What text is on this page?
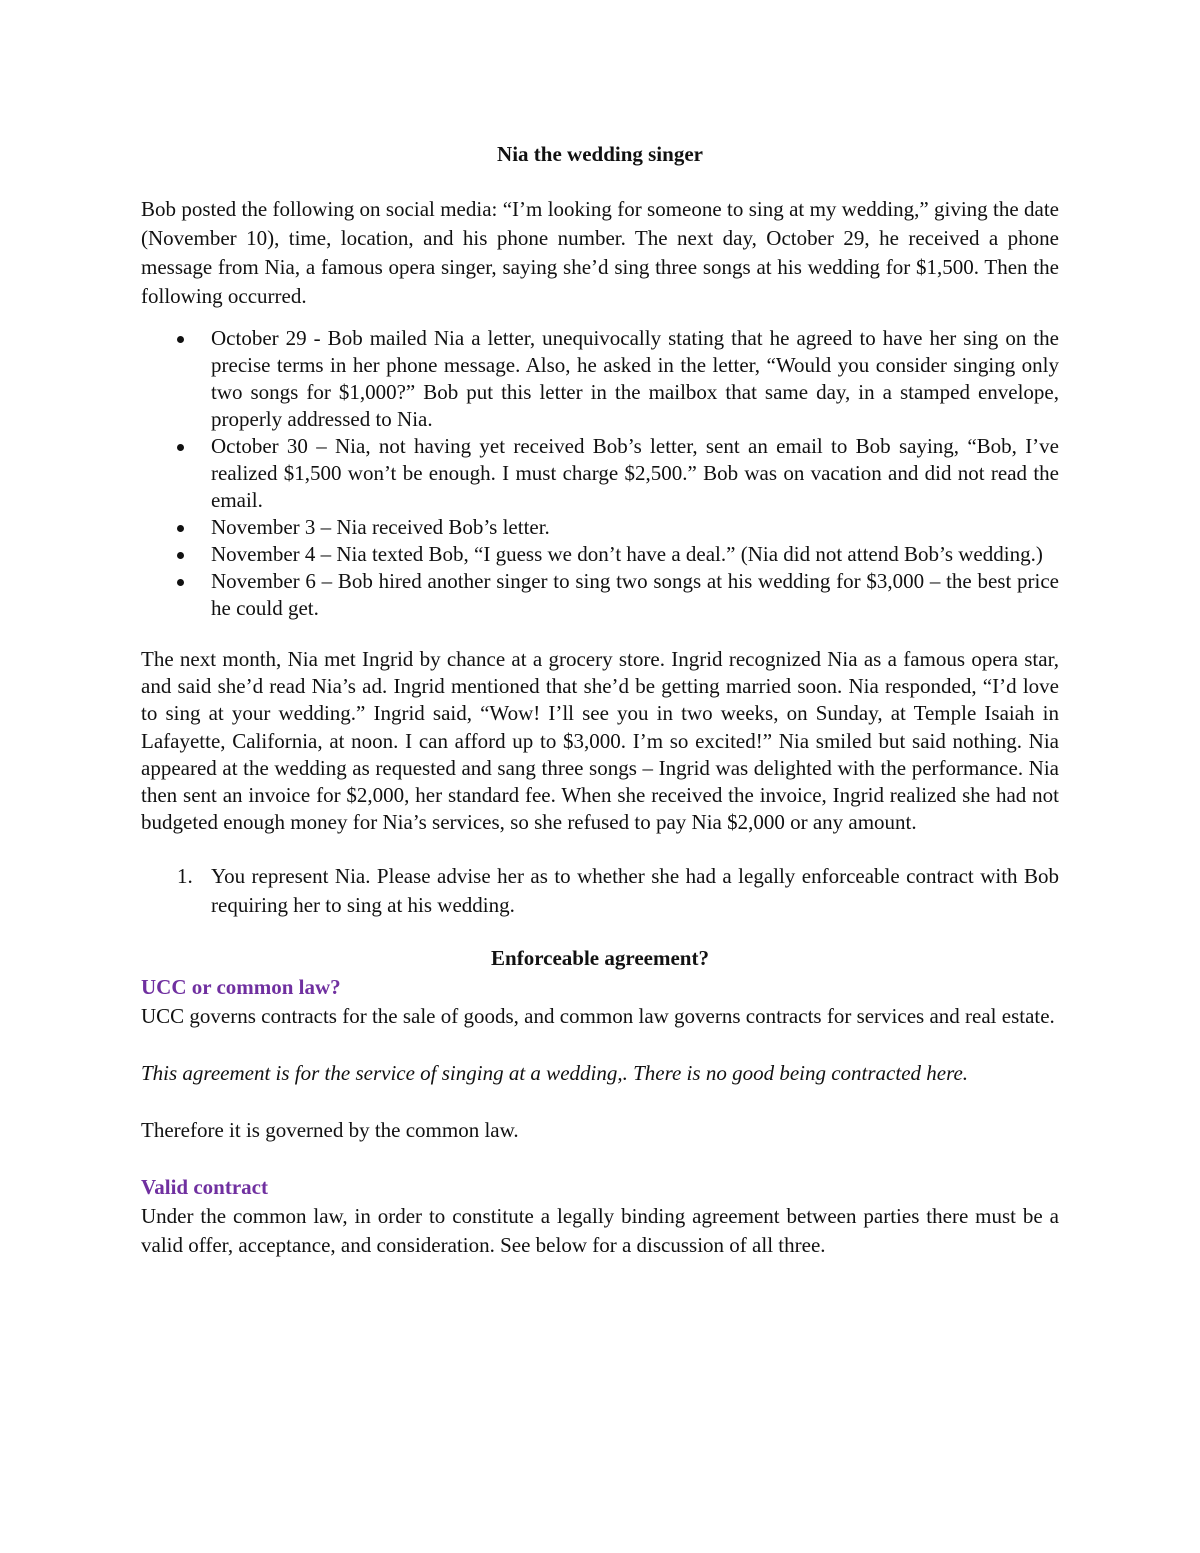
Nia the wedding singer

Bob posted the following on social media: “I’m looking for someone to sing at my wedding,” giving the date (November 10), time, location, and his phone number. The next day, October 29, he received a phone message from Nia, a famous opera singer, saying she’d sing three songs at his wedding for $1,500. Then the following occurred.

October 29 - Bob mailed Nia a letter, unequivocally stating that he agreed to have her sing on the precise terms in her phone message. Also, he asked in the letter, “Would you consider singing only two songs for $1,000?” Bob put this letter in the mailbox that same day, in a stamped envelope, properly addressed to Nia.
October 30 – Nia, not having yet received Bob’s letter, sent an email to Bob saying, “Bob, I’ve realized $1,500 won’t be enough. I must charge $2,500.” Bob was on vacation and did not read the email.
November 3 – Nia received Bob’s letter.
November 4 – Nia texted Bob, “I guess we don’t have a deal.” (Nia did not attend Bob’s wedding.)
November 6 – Bob hired another singer to sing two songs at his wedding for $3,000 – the best price he could get.

The next month, Nia met Ingrid by chance at a grocery store. Ingrid recognized Nia as a famous opera star, and said she’d read Nia’s ad. Ingrid mentioned that she’d be getting married soon. Nia responded, “I’d love to sing at your wedding.” Ingrid said, “Wow! I’ll see you in two weeks, on Sunday, at Temple Isaiah in Lafayette, California, at noon. I can afford up to $3,000. I’m so excited!” Nia smiled but said nothing. Nia appeared at the wedding as requested and sang three songs – Ingrid was delighted with the performance. Nia then sent an invoice for $2,000, her standard fee. When she received the invoice, Ingrid realized she had not budgeted enough money for Nia’s services, so she refused to pay Nia $2,000 or any amount.

1. You represent Nia. Please advise her as to whether she had a legally enforceable contract with Bob requiring her to sing at his wedding.
Enforceable agreement?
UCC or common law?

UCC governs contracts for the sale of goods, and common law governs contracts for services and real estate.

This agreement is for the service of singing at a wedding,. There is no good being contracted here.

Therefore it is governed by the common law.

Valid contract

Under the common law, in order to constitute a legally binding agreement between parties there must be a valid offer, acceptance, and consideration. See below for a discussion of all three.
